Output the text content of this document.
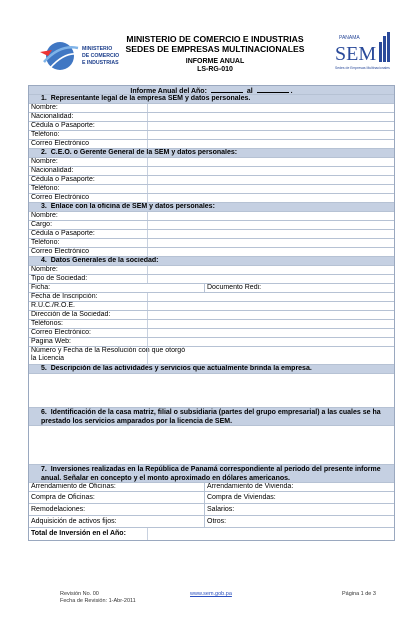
MINISTERIO
DE COMERCIO
E INDUSTRIAS
MINISTERIO DE COMERCIO E INDUSTRIAS
SEDES DE EMPRESAS MULTINACIONALES
INFORME ANUAL
LS-RG-010
PANAMA
SEM
Sedes de Empresas Multinacionales
Informe Anual del Año:	al	.
1. Representante legal de la empresa SEM y datos personales.
Nombre:
Nacionalidad:
Cédula o Pasaporte:
Teléfono:
Correo Electrónico
2. C.E.O. o Gerente General de la SEM y datos personales:
Nombre:
Nacionalidad:
Cédula o Pasaporte:
Teléfono:
Correo Electrónico
3. Enlace con la oficina de SEM y datos personales:
Nombre:
Cargo:
Cédula o Pasaporte:
Teléfono:
Correo Electrónico
4. Datos Generales de la sociedad:
Nombre:
Tipo de Sociedad:
Ficha:	Documento Redi:
Fecha de Inscripción:
R.U.C./R.O.E.
Dirección de la Sociedad:
Teléfonos:
Correo Electrónico:
Pagina Web:
Número y Fecha de la Resolución con que otorgó la Licencia
5. Descripción de las actividades y servicios que actualmente brinda la empresa.
6. Identificación de la casa matriz, filial o subsidiaria (partes del grupo empresarial) a las cuales se ha prestado los servicios amparados por la licencia de SEM.
7. Inversiones realizadas en la República de Panamá correspondiente al periodo del presente informe anual. Señalar en concepto y el monto aproximado en dólares americanos.
Arrendamiento de Oficinas:	Arrendamiento de Vivienda:
Compra de Oficinas:	Compra de Viviendas:
Remodelaciones:	Salarios:
Adquisición de activos fijos:	Otros:
Total de Inversión en el Año:
Revisión No. 00
Fecha de Revisión: 1-Abr-2011
www.sem.gob.pa	Página 1 de 3
